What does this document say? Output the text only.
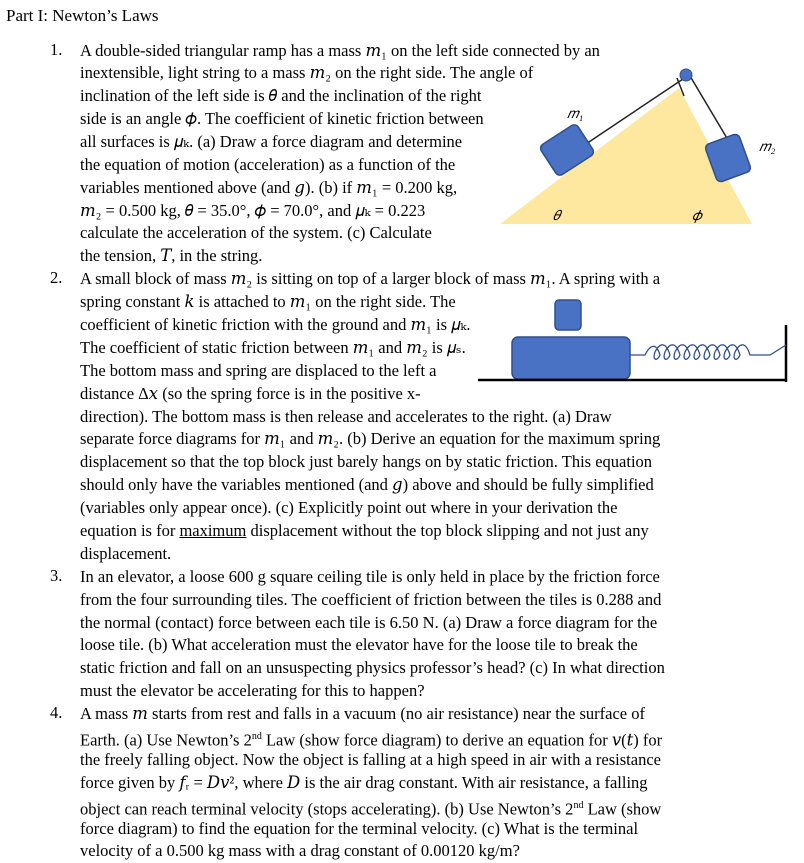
Part I: Newton’s Laws
1. A double-sided triangular ramp has a mass 𝑚₁ on the left side connected by an
inextensible, light string to a mass 𝑚₂ on the right side. The angle of
inclination of the left side is 𝜃 and the inclination of the right
side is an angle 𝜙. The coefficient of kinetic friction between
all surfaces is 𝜇ₖ. (a) Draw a force diagram and determine
the equation of motion (acceleration) as a function of the
variables mentioned above (and 𝑔). (b) if 𝑚₁ = 0.200 kg,
𝑚₂ = 0.500 kg, 𝜃 = 35.0°, 𝜙 = 70.0°, and 𝜇ₖ = 0.223
calculate the acceleration of the system. (c) Calculate
the tension, 𝑇, in the string.
𝑚₁
𝑚₂
𝜃	𝜙
2. A small block of mass 𝑚₂ is sitting on top of a larger block of mass 𝑚₁. A spring with a
spring constant 𝑘 is attached to 𝑚₁ on the right side. The
coefficient of kinetic friction with the ground and 𝑚₁ is 𝜇ₖ.
The coefficient of static friction between 𝑚₁ and 𝑚₂ is 𝜇ₛ.
The bottom mass and spring are displaced to the left a
distance Δ𝑥 (so the spring force is in the positive x-
direction). The bottom mass is then release and accelerates to the right. (a) Draw
separate force diagrams for 𝑚₁ and 𝑚₂. (b) Derive an equation for the maximum spring
displacement so that the top block just barely hangs on by static friction. This equation
should only have the variables mentioned (and 𝑔) above and should be fully simplified
(variables only appear once). (c) Explicitly point out where in your derivation the
equation is for maximum displacement without the top block slipping and not just any
displacement.
3. In an elevator, a loose 600 g square ceiling tile is only held in place by the friction force
from the four surrounding tiles. The coefficient of friction between the tiles is 0.288 and
the normal (contact) force between each tile is 6.50 N. (a) Draw a force diagram for the
loose tile. (b) What acceleration must the elevator have for the loose tile to break the
static friction and fall on an unsuspecting physics professor’s head? (c) In what direction
must the elevator be accelerating for this to happen?
4. A mass 𝑚 starts from rest and falls in a vacuum (no air resistance) near the surface of
Earth. (a) Use Newton’s 2nd Law (show force diagram) to derive an equation for 𝑣(𝑡) for
the freely falling object. Now the object is falling at a high speed in air with a resistance
force given by 𝑓ᵣ = 𝐷𝑣², where 𝐷 is the air drag constant. With air resistance, a falling
object can reach terminal velocity (stops accelerating). (b) Use Newton’s 2nd Law (show
force diagram) to find the equation for the terminal velocity. (c) What is the terminal
velocity of a 0.500 kg mass with a drag constant of 0.00120 kg/m?
